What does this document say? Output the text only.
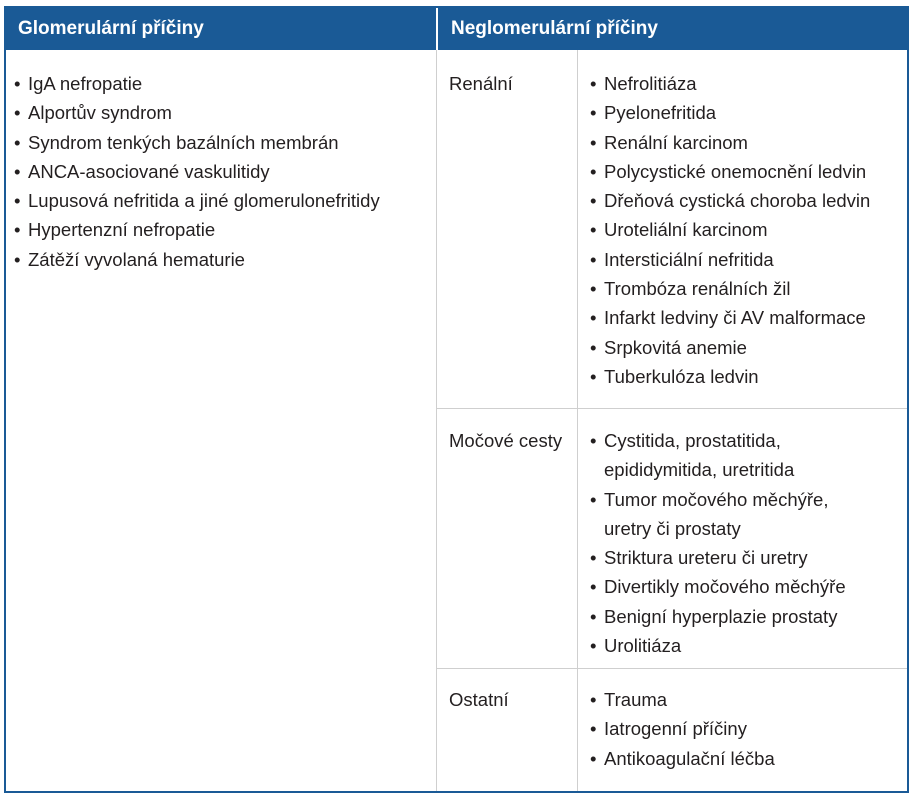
Glomerulární příčiny	Neglomerulární příčiny
• IgA nefropatie
• Alportův syndrom
• Syndrom tenkých bazálních membrán
• ANCA-asociované vaskulitidy
• Lupusová nefritida a jiné glomerulonefritidy
• Hypertenzní nefropatie
• Zátěží vyvolaná hematurie
Renální	• Nefrolitiáza
• Pyelonefritida
• Renální karcinom
• Polycystické onemocnění ledvin
• Dřeňová cystická choroba ledvin
• Uroteliální karcinom
• Intersticiální nefritida
• Trombóza renálních žil
• Infarkt ledviny či AV malformace
• Srpkovitá anemie
• Tuberkulóza ledvin
Močové cesty	• Cystitida, prostatitida,
epididymitida, uretritida
• Tumor močového měchýře,
uretry či prostaty
• Striktura ureteru či uretry
• Divertikly močového měchýře
• Benigní hyperplazie prostaty
• Urolitiáza
Ostatní	• Trauma
• Iatrogenní příčiny
• Antikoagulační léčba
